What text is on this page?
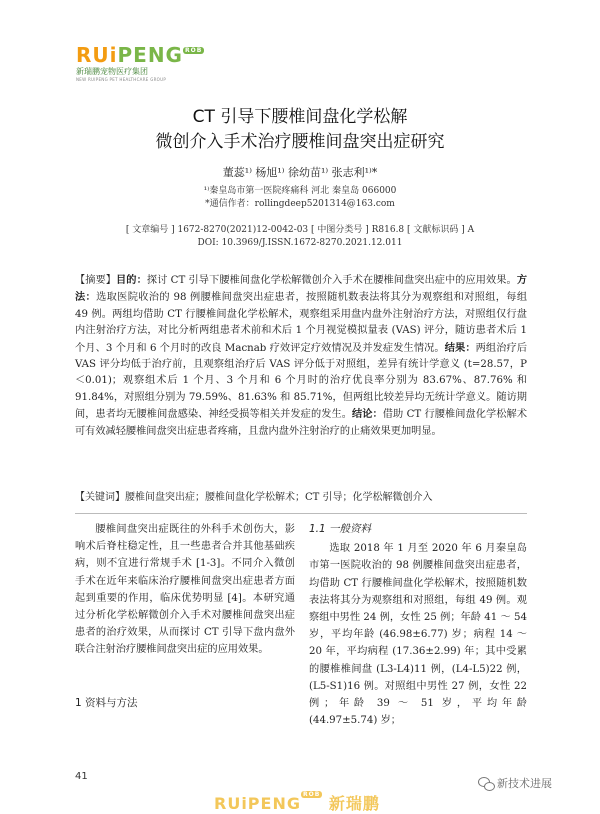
RUiPENG ROB
新瑞鹏宠物医疗集团
NEW RUIPENG PET HEALTHCARE GROUP
CT 引导下腰椎间盘化学松解
微创介入手术治疗腰椎间盘突出症研究
董蕊¹⁾ 杨旭¹⁾ 徐幼苗¹⁾ 张志利¹⁾*
¹⁾秦皇岛市第一医院疼痛科 河北 秦皇岛 066000
*通信作者：rollingdeep5201314@163.com
[ 文章编号 ] 1672-8270(2021)12-0042-03 [ 中图分类号 ] R816.8 [ 文献标识码 ] A
DOI: 10.3969/J.ISSN.1672-8270.2021.12.011
【摘要】目的：探讨 CT 引导下腰椎间盘化学松解微创介入手术在腰椎间盘突出症中的应用效果。方法：选取医院收治的 98 例腰椎间盘突出症患者，按照随机数表法将其分为观察组和对照组，每组 49 例。两组均借助 CT 行腰椎间盘化学松解术，观察组采用盘内盘外注射治疗方法，对照组仅行盘内注射治疗方法，对比分析两组患者术前和术后 1 个月视觉模拟量表 (VAS) 评分，随访患者术后 1 个月、3 个月和 6 个月时的改良 Macnab 疗效评定疗效情况及并发症发生情况。结果：两组治疗后 VAS 评分均低于治疗前，且观察组治疗后 VAS 评分低于对照组，差异有统计学意义 (t=28.57，P＜0.01)；观察组术后 1 个月、3 个月和 6 个月时的治疗优良率分别为 83.67%、87.76% 和 91.84%，对照组分别为 79.59%、81.63% 和 85.71%，但两组比较差异均无统计学意义。随访期间，患者均无腰椎间盘感染、神经受损等相关并发症的发生。结论：借助 CT 行腰椎间盘化学松解术可有效减轻腰椎间盘突出症患者疼痛，且盘内盘外注射治疗的止痛效果更加明显。
【关键词】腰椎间盘突出症；腰椎间盘化学松解术；CT 引导；化学松解微创介入

腰椎间盘突出症既往的外科手术创伤大，影响术后脊柱稳定性，且一些患者合并其他基础疾病，则不宜进行常规手术 [1-3]。不同介入微创手术在近年来临床治疗腰椎间盘突出症患者方面起到重要的作用，临床优势明显 [4]。本研究通过分析化学松解微创介入手术对腰椎间盘突出症患者的治疗效果，从而探讨 CT 引导下盘内盘外联合注射治疗腰椎间盘突出症的应用效果。

1 资料与方法

1.1 一般资料

选取 2018 年 1 月至 2020 年 6 月秦皇岛市第一医院收治的 98 例腰椎间盘突出症患者，均借助 CT 行腰椎间盘化学松解术，按照随机数表法将其分为观察组和对照组，每组 49 例。观察组中男性 24 例，女性 25 例；年龄 41 ～ 54 岁，平均年龄 (46.98±6.77) 岁；病程 14 ～ 20 年，平均病程 (17.36±2.99) 年；其中受累的腰椎椎间盘 (L3-L4)11 例，(L4-L5)22 例，(L5-S1)16 例。对照组中男性 27 例，女性 22 例；年龄 39 ～ 51 岁，平均年龄 (44.97±5.74) 岁；

41
RUiPENG $^{ROB}$ 新瑞鹏
新技术进展
